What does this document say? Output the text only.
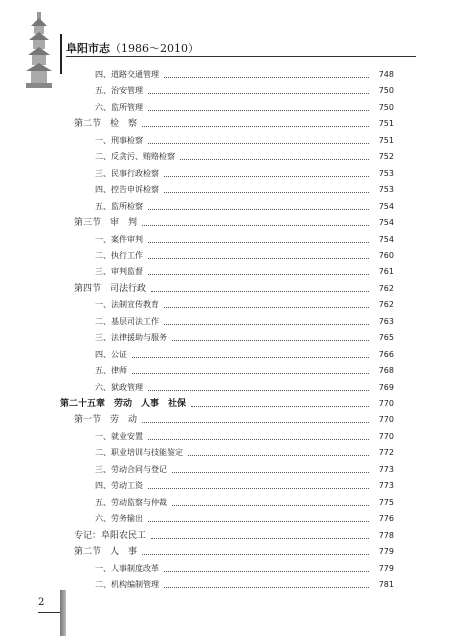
阜阳市志（1986～2010）
四、道路交通管理	748
五、治安管理	750
六、监所管理	750
第二节　检　察	751
一、刑事检察	751
二、反贪污、贿赂检察	752
三、民事行政检察	753
四、控告申诉检察	753
五、监所检察	754
第三节　审　判	754
一、案件审判	754
二、执行工作	760
三、审判监督	761
第四节　司法行政	762
一、法制宣传教育	762
二、基层司法工作	763
三、法律援助与服务	765
四、公证	766
五、律师	768
六、狱政管理	769
第二十五章　劳动　人事　社保	770
第一节　劳　动	770
一、就业安置	770
二、职业培训与技能鉴定	772
三、劳动合同与登记	773
四、劳动工资	773
五、劳动监察与仲裁	775
六、劳务输出	776
专记：阜阳农民工	778
第二节　人　事	779
一、人事制度改革	779
二、机构编制管理	781
2
